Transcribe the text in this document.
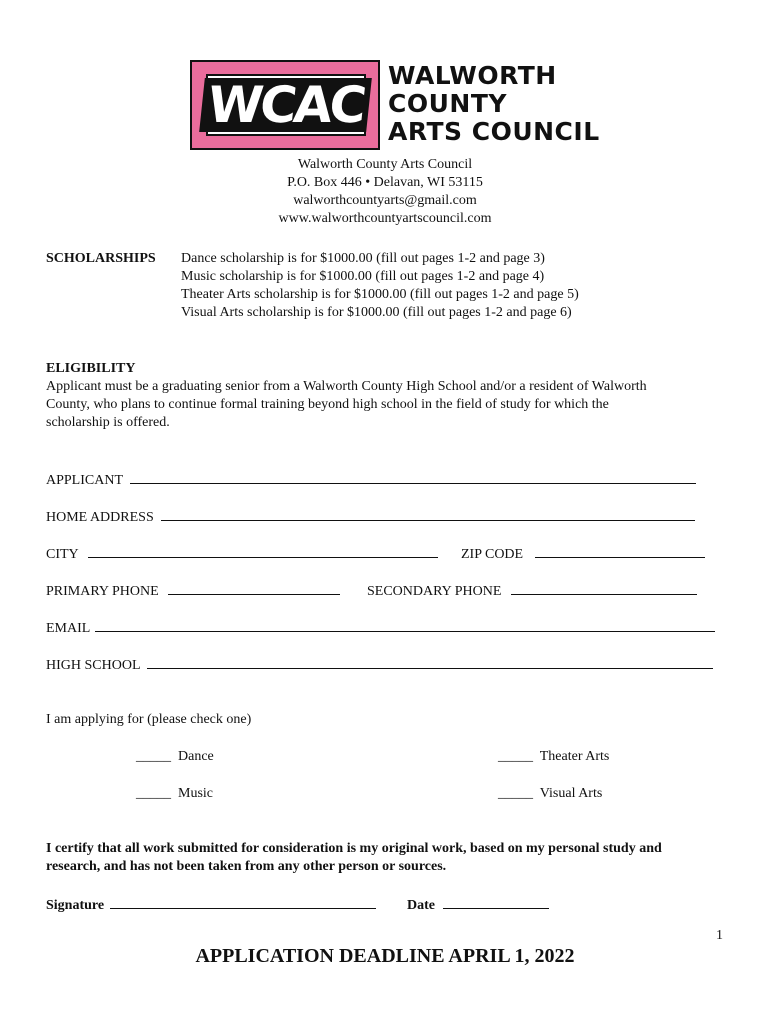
WCAC
WALWORTH
COUNTY
ARTS COUNCIL
Walworth County Arts Council
P.O. Box 446 • Delavan, WI 53115
walworthcountyarts@gmail.com
www.walworthcountyartscouncil.com
SCHOLARSHIPS Dance scholarship is for $1000.00 (fill out pages 1-2 and page 3)
Music scholarship is for $1000.00 (fill out pages 1-2 and page 4)
Theater Arts scholarship is for $1000.00 (fill out pages 1-2 and page 5)
Visual Arts scholarship is for $1000.00 (fill out pages 1-2 and page 6)
ELIGIBILITY
Applicant must be a graduating senior from a Walworth County High School and/or a resident of Walworth
County, who plans to continue formal training beyond high school in the field of study for which the
scholarship is offered.
APPLICANT
HOME ADDRESS
CITY	ZIP CODE
PRIMARY PHONE	SECONDARY PHONE
EMAIL
HIGH SCHOOL
I am applying for (please check one)
_____ Dance	_____ Theater Arts
_____ Music	_____ Visual Arts
I certify that all work submitted for consideration is my original work, based on my personal study and
research, and has not been taken from any other person or sources.
Signature	Date
1
APPLICATION DEADLINE APRIL 1, 2022
